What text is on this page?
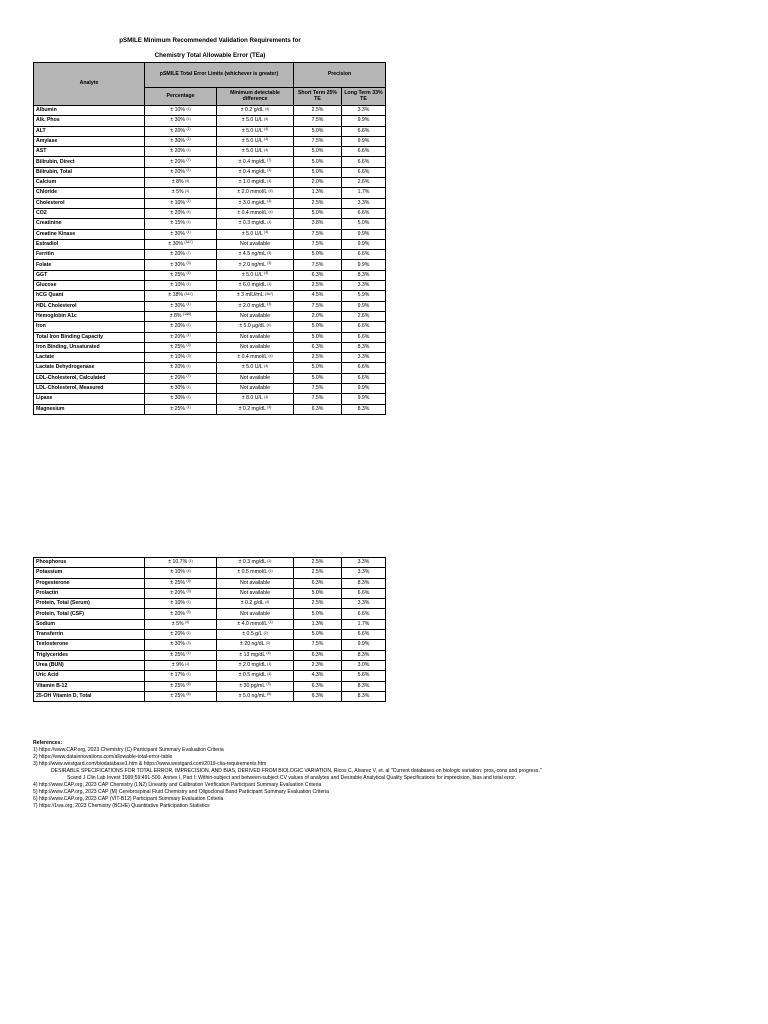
pSMILE Minimum Recommended Validation Requirements for
Chemistry Total Allowable Error (TEa)
Analyte	pSMILE Total Error Limits (whichever is greater)		Precision	
	Percentage	Minimum detectable difference	Short Term 25% TE	Long Term 33% TE
Albumin	± 10% $^{(1)}$	± 0.2 g/dL $^{(4)}$	2.5%	3.3%
Alk. Phos	± 30% $^{(1)}$	± 5.0 U/L $^{(4)}$	7.5%	9.9%
ALT	± 20% $^{(1)}$	± 5.0 U/L $^{(4)}$	5.0%	6.6%
Amylase	± 30% $^{(1)}$	± 5.0 U/L $^{(4)}$	7.5%	9.9%
AST	± 20% $^{(1)}$	± 5.0 U/L $^{(4)}$	5.0%	6.6%
Bilirubin, Direct	± 20% $^{(7)}$	± 0.4 mg/dL $^{(7)}$	5.0%	6.6%
Bilirubin, Total	± 20% $^{(1)}$	± 0.4 mg/dL $^{(1)}$	5.0%	6.6%
Calcium	± 8% $^{(4)}$	± 1.0 mg/dL $^{(4)}$	2.0%	2.6%
Chloride	± 5% $^{(1)}$	± 2.0 mmol/L $^{(4)}$	1.3%	1.7%
Cholesterol	± 10% $^{(1)}$	± 3.0 mg/dL $^{(4)}$	2.5%	3.3%
CO2	± 20% $^{(4)}$	± 0.4 mmol/L $^{(4)}$	5.0%	6.6%
Creatinine	± 15% $^{(1)}$	± 0.3 mg/dL $^{(1)}$	3.8%	5.0%
Creatine Kinase	± 30% $^{(1)}$	± 5.0 U/L $^{(4)}$	7.5%	9.9%
Estradiol	± 30% $^{(3\&7)}$	Not available	7.5%	9.9%
Ferritin	± 20% $^{(7)}$	± 4.5 ng/mL $^{(3)}$	5.0%	6.6%
Folate	± 30% $^{(3)}$	± 2.0 ng/mL $^{(3)}$	7.5%	9.9%
GGT	± 25% $^{(4)}$	± 5.0 U/L $^{(4)}$	6.3%	8.3%
Glucose	± 10% $^{(1)}$	± 6.0 mg/dL $^{(1)}$	2.5%	3.3%
hCG Quant	± 18% $^{(3\&7)}$	± 3 mIU/mL $^{(3\&7)}$	4.5%	5.9%
HDL Cholesterol	± 30% $^{(1)}$	± 2.0 mg/dL $^{(4)}$	7.5%	9.9%
Hemoglobin A1c	± 8% $^{(1\&6)}$	Not available	2.0%	2.6%
Iron	± 20% $^{(1)}$	± 5.0 µg/dL $^{(4)}$	5.0%	6.6%
Total Iron Binding Capacity	± 20% $^{(1)}$	Not available	5.0%	6.6%
Iron Binding, Unsaturated	± 25% $^{(3)}$	Not available	6.3%	8.3%
Lactate	± 10% $^{(3)}$	± 0.4 mmol/L $^{(4)}$	2.5%	3.3%
Lactate Dehydrogenase	± 20% $^{(1)}$	± 5.0 U/L $^{(4)}$	5.0%	6.6%
LDL-Cholesterol, Calculated	± 20% $^{(7)}$	Not available	5.0%	6.6%
LDL-Cholesterol, Measured	± 30% $^{(1)}$	Not available	7.5%	9.9%
Lipase	± 30% $^{(1)}$	± 8.0 U/L $^{(4)}$	7.5%	9.9%
Magnesium	± 25% $^{(1)}$	± 0.2 mg/dL $^{(4)}$	6.3%	8.3%
Phosphorus	± 10.7% $^{(1)}$	± 0.3 mg/dL $^{(1)}$	2.5%	3.3%
Potassium	± 10% $^{(4)}$	± 0.5 mmol/L $^{(1)}$	2.5%	3.3%
Progesterone	± 25% $^{(3)}$	Not available	6.3%	8.3%
Prolactin	± 20% $^{(3)}$	Not available	5.0%	6.6%
Protein, Total (Serum)	± 10% $^{(1)}$	± 0.2 g/dL $^{(4)}$	2.5%	3.3%
Protein, Total (CSF)	± 20% $^{(5)}$	Not available	5.0%	6.6%
Sodium	± 5% $^{(4)}$	± 4.0 mmol/L $^{(1)}$	1.3%	1.7%
Transferrin	± 20% $^{(1)}$	± 0.5 g/L $^{(2)}$	5.0%	6.6%
Testosterone	± 30% $^{(3)}$	± 20 ng/dL $^{(3)}$	7.5%	9.9%
Triglycerides	± 25% $^{(1)}$	± 13 mg/dL $^{(4)}$	6.3%	8.3%
Urea (BUN)	± 9% $^{(1)}$	± 2.0 mg/dL $^{(1)}$	2.3%	3.0%
Uric Acid	± 17% $^{(1)}$	± 0.5 mg/dL $^{(4)}$	4.3%	5.6%
Vitamin B-12	± 25% $^{(6)}$	± 30 pg/mL $^{(3)}$	6.3%	8.3%
25-OH Vitamin D, Total	± 25% $^{(6)}$	± 5.0 ng/mL $^{(6)}$	6.3%	8.3%
References:
1) https://www.CAP.org, 2023 Chemistry (C) Participant Summary Evaluation Criteria
2) https://www.datainnovations.com/allowable-total-error-table
3) http://www.westgard.com/biodatabase1.htm & https://www.westgard.com/2019-clia-requirements.htm
DESIRABLE SPECIFICATIONS FOR TOTAL ERROR, IMPRECISION, AND BIAS, DERIVED FROM BIOLOGIC VARIATION, Ricos C, Alvarez V, et. al "Current databases on biologic variation: pros, cons and progress."
Scand J Clin Lab Invest 1999;59:491-500. Annex I, Part I: Within-subject and between-subject CV values of analytes and Desirable Analytical Quality Specifications for imprecision, bias and total error.
4) http://www.CAP.org, 2023 CAP Chemistry (LN2) Linearity and Calibration Verification Participant Summary Evaluation Criteria
5) http://www.CAP.org, 2023 CAP (M) Cerebrospinal Fluid Chemistry and Oligoclonal Band Participant Summary Evaluation Criteria
6) http://www.CAP.org, 2023 CAP (VIT-B12) Participant Summary Evaluation Criteria
7) https://1wa.org, 2023 Chemistry (BCHE) Quantitative Participation Statistics
